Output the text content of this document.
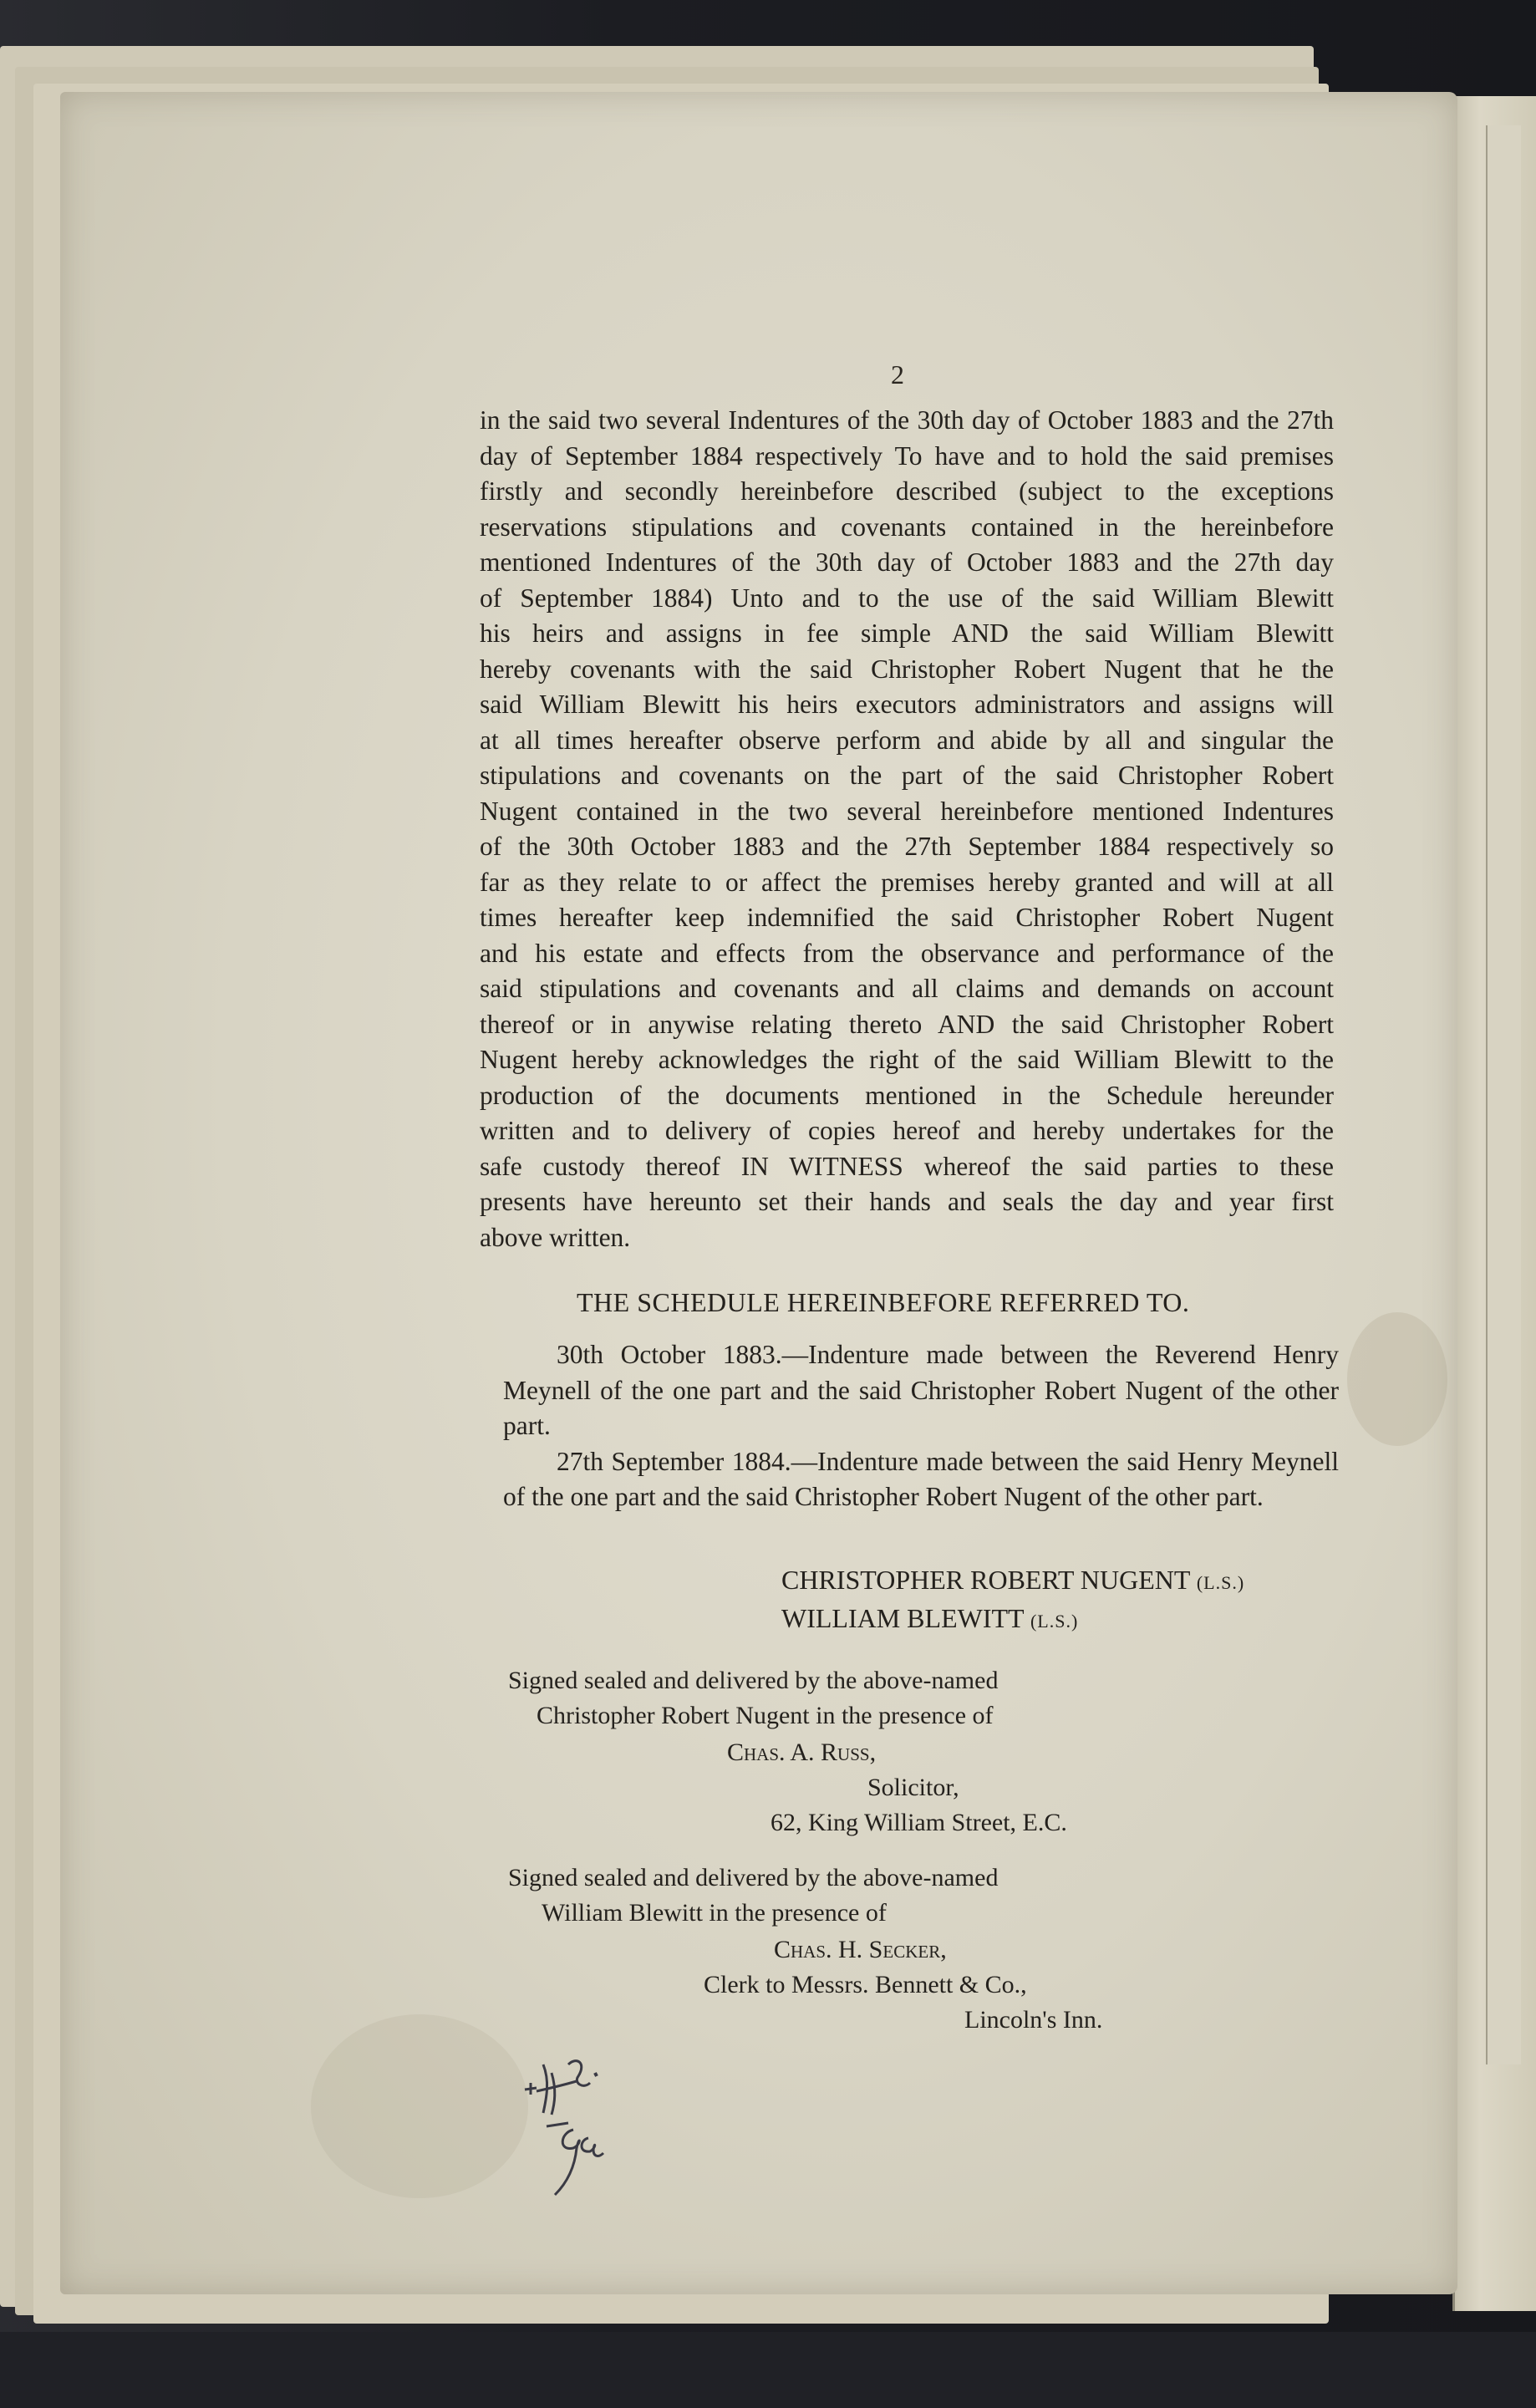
2
in the said two several Indentures of the 30th day of October 1883 and the 27th
day of September 1884 respectively To have and to hold the said premises
firstly and secondly hereinbefore described (subject to the exceptions
reservations stipulations and covenants contained in the hereinbefore
mentioned Indentures of the 30th day of October 1883 and the 27th day
of September 1884) Unto and to the use of the said William Blewitt
his heirs and assigns in fee simple AND the said William Blewitt
hereby covenants with the said Christopher Robert Nugent that he the
said William Blewitt his heirs executors administrators and assigns will
at all times hereafter observe perform and abide by all and singular the
stipulations and covenants on the part of the said Christopher Robert
Nugent contained in the two several hereinbefore mentioned Indentures
of the 30th October 1883 and the 27th September 1884 respectively so
far as they relate to or affect the premises hereby granted and will at all
times hereafter keep indemnified the said Christopher Robert Nugent
and his estate and effects from the observance and performance of the
said stipulations and covenants and all claims and demands on account
thereof or in anywise relating thereto AND the said Christopher Robert
Nugent hereby acknowledges the right of the said William Blewitt to the
production of the documents mentioned in the Schedule hereunder
written and to delivery of copies hereof and hereby undertakes for the
safe custody thereof IN WITNESS whereof the said parties to these
presents have hereunto set their hands and seals the day and year first
above written.
THE SCHEDULE HEREINBEFORE REFERRED TO.

30th October 1883.—Indenture made between the Reverend Henry Meynell of the one part and the said Christopher Robert Nugent of the other part.

27th September 1884.—Indenture made between the said Henry Meynell of the one part and the said Christopher Robert Nugent of the other part.

CHRISTOPHER ROBERT NUGENT (L.S.)
WILLIAM BLEWITT (L.S.)
Signed sealed and delivered by the above-named
Christopher Robert Nugent in the presence of
Chas. A. Russ,
Solicitor,
62, King William Street, E.C.
Signed sealed and delivered by the above-named
William Blewitt in the presence of
Chas. H. Secker,
Clerk to Messrs. Bennett & Co.,
Lincoln's Inn.
